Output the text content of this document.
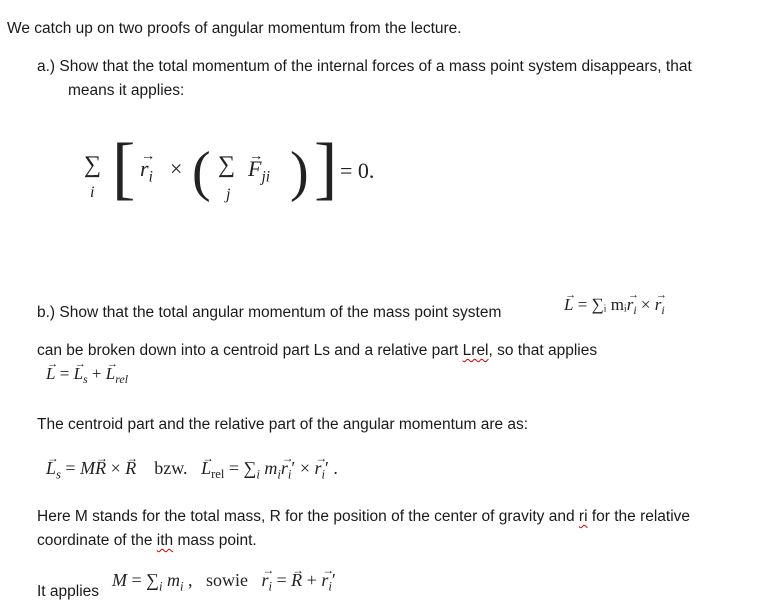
We catch up on two proofs of angular momentum from the lecture.
a.) Show that the total momentum of the internal forces of a mass point system disappears, that
means it applies:
∑
i [ → $r_i$ × ( ∑
j
→ $F_{ji}$ ) ] = 0.
b.) Show that the total angular momentum of the mass point system	→ L = ∑ᵢ mᵢ→ $r_i$ × → $r_i$
can be broken down into a centroid part Ls and a relative part Lrel, so that applies
→ L = → $L_s$ + → $L_{rel}$
The centroid part and the relative part of the angular momentum are as:
→ $L_s = M\to R$ × → R bzw. → $L_{rel} = \sum_i$ $m_i\to r_i'$ × → $r_i'$ .
Here M stands for the total mass, R for the position of the center of gravity and ri for the relative
coordinate of the ith mass point.
It applies
$M = \sum_i$ $m_i$ ,   sowie → $r_i$ = → R + → $r_i'$
